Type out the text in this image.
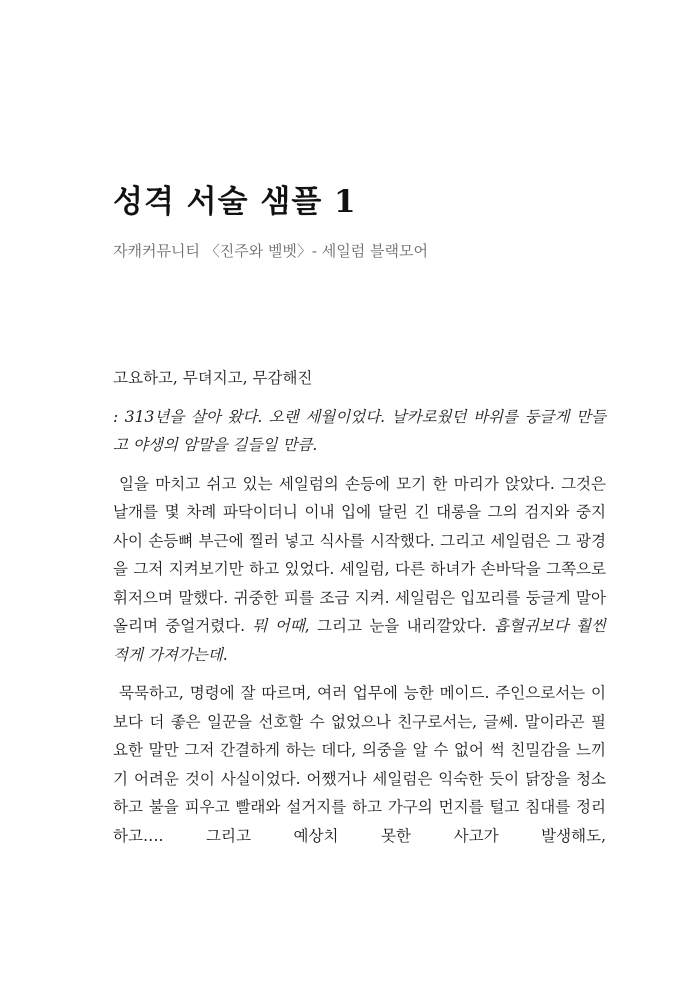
성격 서술 샘플 1
자캐커뮤니티 〈진주와 벨벳〉- 세일럼 블랙모어

고요하고, 무뎌지고, 무감해진

: 313년을 살아 왔다. 오랜 세월이었다. 날카로웠던 바위를 둥글게 만들고 야생의 암말을 길들일 만큼.

일을 마치고 쉬고 있는 세일럼의 손등에 모기 한 마리가 앉았다. 그것은 날개를 몇 차례 파닥이더니 이내 입에 달린 긴 대롱을 그의 검지와 중지 사이 손등뼈 부근에 찔러 넣고 식사를 시작했다. 그리고 세일럼은 그 광경을 그저 지켜보기만 하고 있었다. 세일럼, 다른 하녀가 손바닥을 그쪽으로 휘저으며 말했다. 귀중한 피를 조금 지켜. 세일럼은 입꼬리를 둥글게 말아 올리며 중얼거렸다. 뭐 어때, 그리고 눈을 내리깔았다. 흡혈귀보다 훨씬 적게 가져가는데.

묵묵하고, 명령에 잘 따르며, 여러 업무에 능한 메이드. 주인으로서는 이보다 더 좋은 일꾼을 선호할 수 없었으나 친구로서는, 글쎄. 말이라곤 필요한 말만 그저 간결하게 하는 데다, 의중을 알 수 없어 썩 친밀감을 느끼기 어려운 것이 사실이었다. 어쨌거나 세일럼은 익숙한 듯이 닭장을 청소하고 불을 피우고 빨래와 설거지를 하고 가구의 먼지를 털고 침대를 정리하고…. 그리고 예상치 못한 사고가 발생해도,
